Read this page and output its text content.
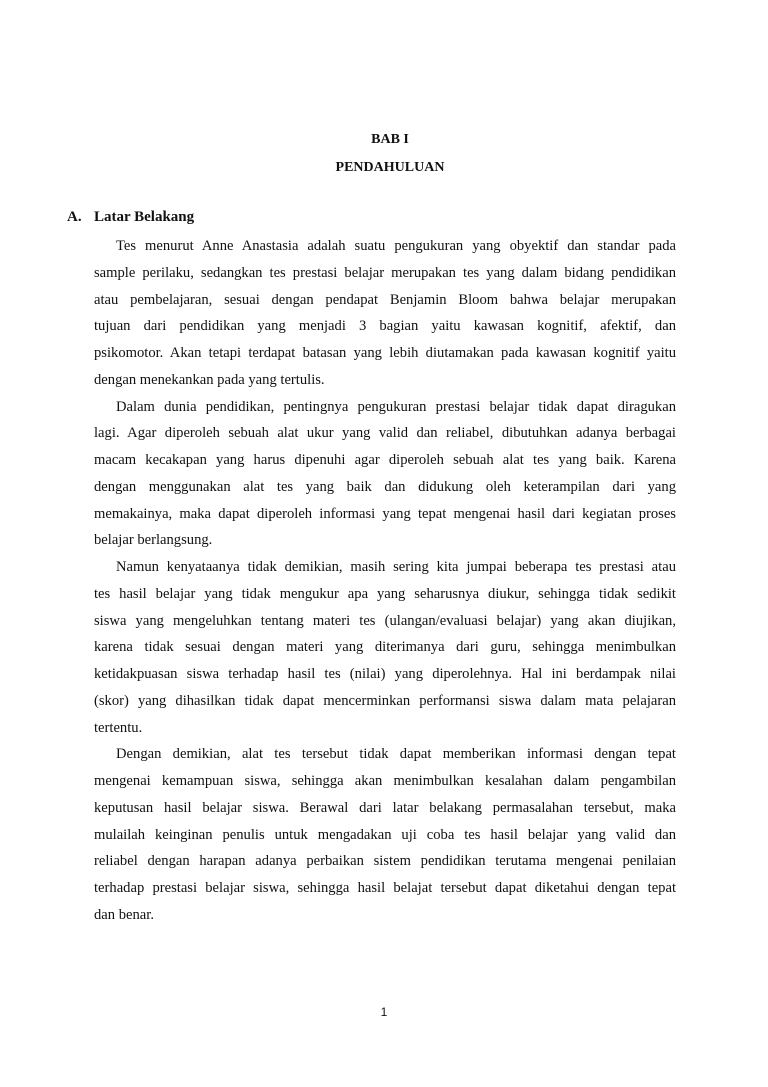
BAB I
PENDAHULUAN
A. Latar Belakang
Tes menurut Anne Anastasia adalah suatu pengukuran yang obyektif dan standar pada
sample perilaku, sedangkan tes prestasi belajar merupakan tes yang dalam bidang pendidikan
atau pembelajaran, sesuai dengan pendapat Benjamin Bloom bahwa belajar merupakan
tujuan dari pendidikan yang menjadi 3 bagian yaitu kawasan kognitif, afektif, dan
psikomotor. Akan tetapi terdapat batasan yang lebih diutamakan pada kawasan kognitif yaitu
dengan menekankan pada yang tertulis.
Dalam dunia pendidikan, pentingnya pengukuran prestasi belajar tidak dapat diragukan
lagi. Agar diperoleh sebuah alat ukur yang valid dan reliabel, dibutuhkan adanya berbagai
macam kecakapan yang harus dipenuhi agar diperoleh sebuah alat tes yang baik. Karena
dengan menggunakan alat tes yang baik dan didukung oleh keterampilan dari yang
memakainya, maka dapat diperoleh informasi yang tepat mengenai hasil dari kegiatan proses
belajar berlangsung.
Namun kenyataanya tidak demikian, masih sering kita jumpai beberapa tes prestasi atau
tes hasil belajar yang tidak mengukur apa yang seharusnya diukur, sehingga tidak sedikit
siswa yang mengeluhkan tentang materi tes (ulangan/evaluasi belajar) yang akan diujikan,
karena tidak sesuai dengan materi yang diterimanya dari guru, sehingga menimbulkan
ketidakpuasan siswa terhadap hasil tes (nilai) yang diperolehnya. Hal ini berdampak nilai
(skor) yang dihasilkan tidak dapat mencerminkan performansi siswa dalam mata pelajaran
tertentu.
Dengan demikian, alat tes tersebut tidak dapat memberikan informasi dengan tepat
mengenai kemampuan siswa, sehingga akan menimbulkan kesalahan dalam pengambilan
keputusan hasil belajar siswa. Berawal dari latar belakang permasalahan tersebut, maka
mulailah keinginan penulis untuk mengadakan uji coba tes hasil belajar yang valid dan
reliabel dengan harapan adanya perbaikan sistem pendidikan terutama mengenai penilaian
terhadap prestasi belajar siswa, sehingga hasil belajat tersebut dapat diketahui dengan tepat
dan benar.
1
